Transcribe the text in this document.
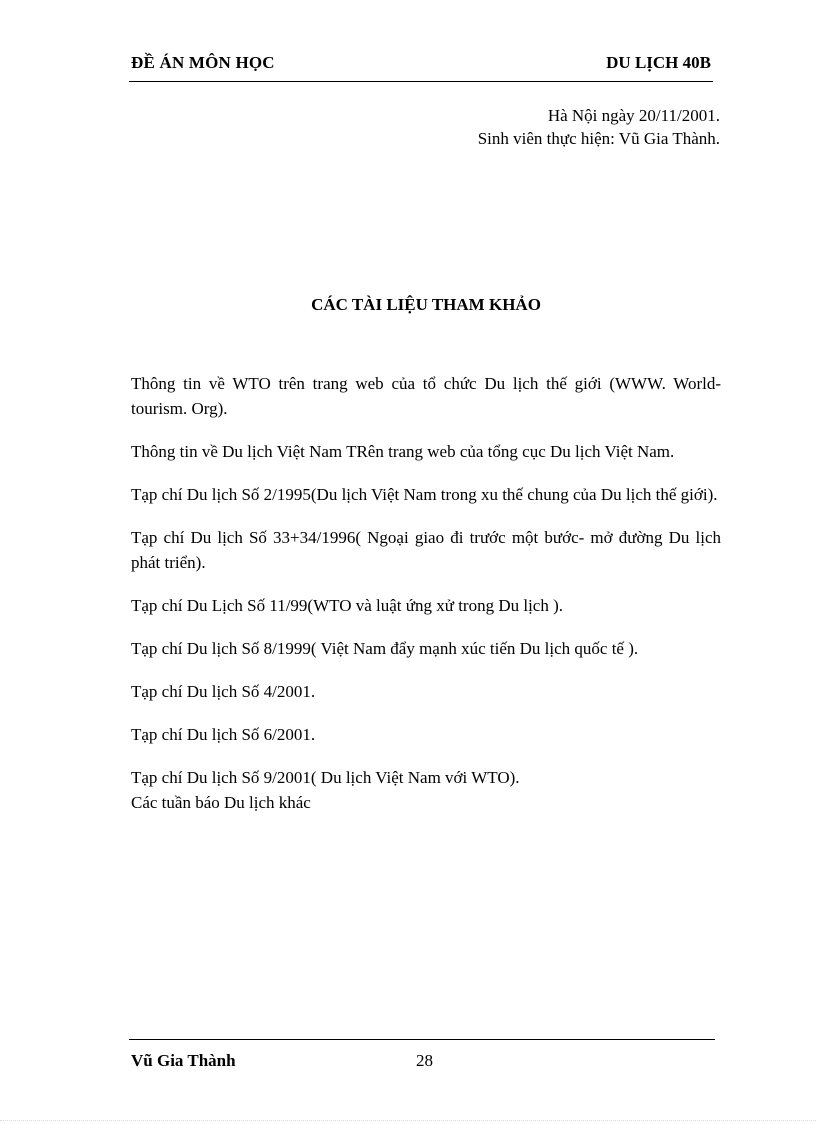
ĐỀ ÁN MÔN HỌC	DU LỊCH 40B
Hà Nội ngày 20/11/2001.
Sinh viên thực hiện: Vũ Gia Thành.
CÁC TÀI LIỆU THAM KHẢO
Thông tin về WTO trên trang web của tổ chức Du lịch thế giới (WWW. World- tourism. Org).
Thông tin về Du lịch Việt Nam TRên trang web của tổng cục Du lịch Việt Nam.
Tạp chí Du lịch Số 2/1995(Du lịch Việt Nam trong xu thế chung của Du lịch thế giới).
Tạp chí Du lịch Số 33+34/1996( Ngoại giao đi trước một bước- mở đường Du lịch phát triển).
Tạp chí Du Lịch Số 11/99(WTO và luật ứng xử trong Du lịch ).
Tạp chí Du lịch Số 8/1999( Việt Nam đẩy mạnh xúc tiến Du lịch quốc tế ).
Tạp chí Du lịch Số 4/2001.
Tạp chí Du lịch Số 6/2001.
Tạp chí Du lịch Số 9/2001( Du lịch Việt Nam với WTO).
Các tuần báo Du lịch khác
Vũ Gia Thành	28
